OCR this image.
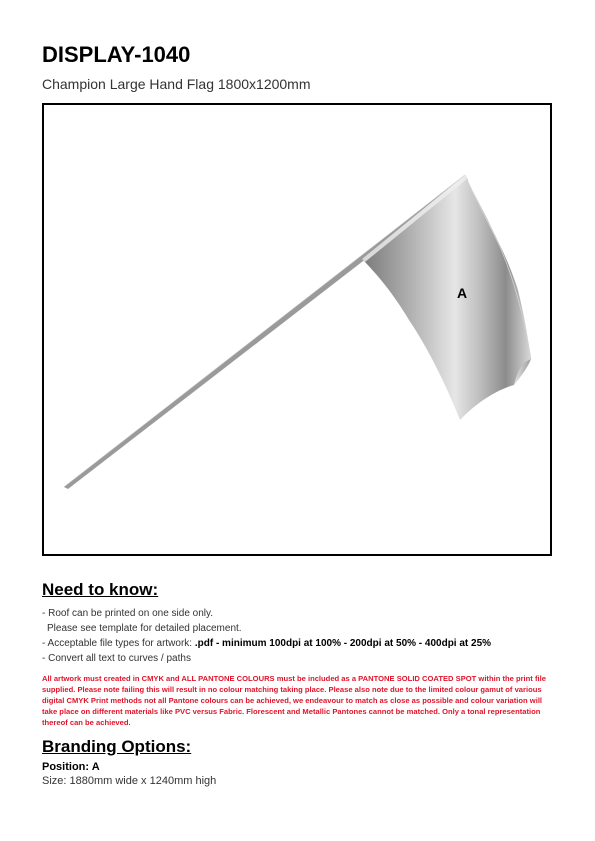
DISPLAY-1040
Champion Large Hand Flag 1800x1200mm
A
Need to know:
- Roof can be printed on one side only.
Please see template for detailed placement.
- Acceptable file types for artwork: .pdf - minimum 100dpi at 100% - 200dpi at 50% - 400dpi at 25%
- Convert all text to curves / paths
All artwork must created in CMYK and ALL PANTONE COLOURS must be included as a PANTONE SOLID COATED SPOT within the print file supplied. Please note failing this will result in no colour matching taking place. Please also note due to the limited colour gamut of various digital CMYK Print methods not all Pantone colours can be achieved, we endeavour to match as close as possible and colour variation will take place on different materials like PVC versus Fabric. Florescent and Metallic Pantones cannot be matched. Only a tonal representation thereof can be achieved.
Branding Options:
Position: A
Size: 1880mm wide x 1240mm high
